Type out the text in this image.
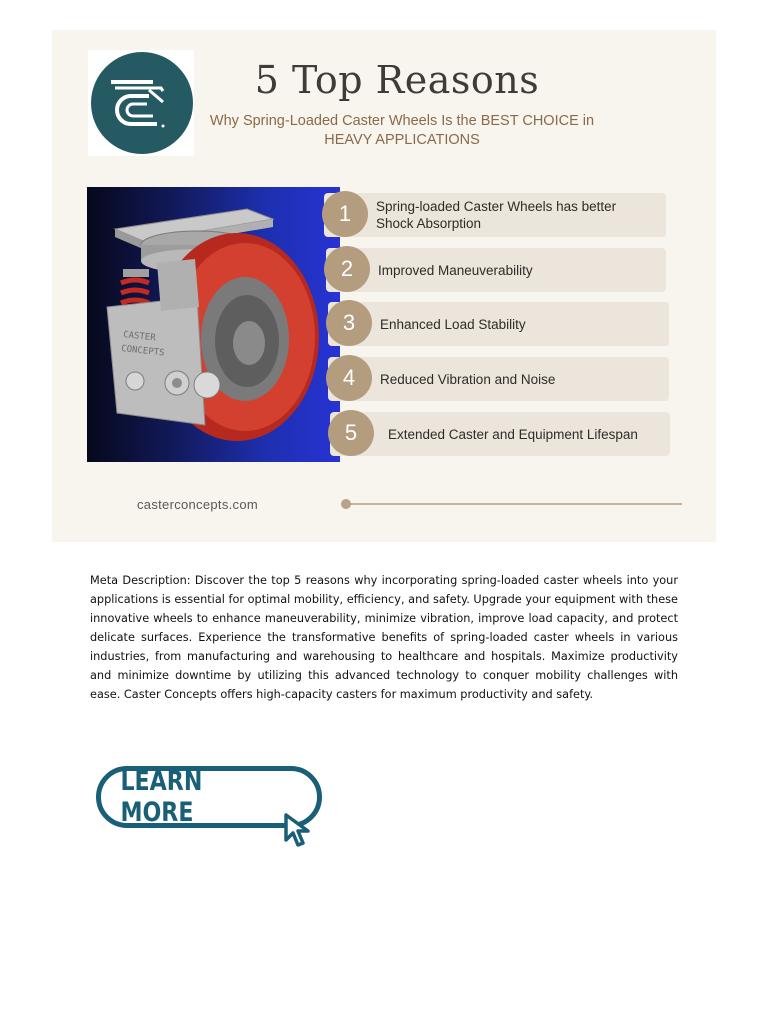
5 Top Reasons

Why Spring-Loaded Caster Wheels Is the BEST CHOICE in
HEAVY APPLICATIONS

CASTER
CONCEPTS
1	Spring-loaded Caster Wheels has better Shock Absorption
2	Improved Maneuverability
3	Enhanced Load Stability
4	Reduced Vibration and Noise
5	Extended Caster and Equipment Lifespan
casterconcepts.com

Meta Description: Discover the top 5 reasons why incorporating spring-loaded caster wheels into your applications is essential for optimal mobility, efficiency, and safety. Upgrade your equipment with these innovative wheels to enhance maneuverability, minimize vibration, improve load capacity, and protect delicate surfaces. Experience the transformative benefits of spring-loaded caster wheels in various industries, from manufacturing and warehousing to healthcare and hospitals. Maximize productivity and minimize downtime by utilizing this advanced technology to conquer mobility challenges with ease. Caster Concepts offers high-capacity casters for maximum productivity and safety.

LEARN MORE
